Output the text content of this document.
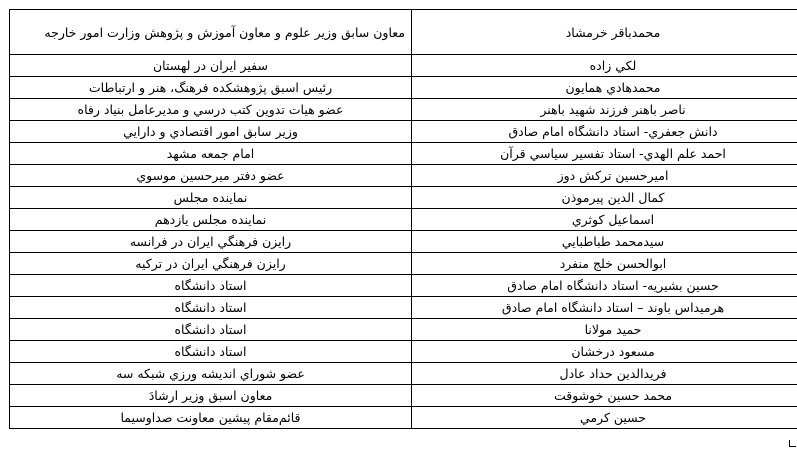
محمدباقر خرمشاد	معاون سابق وزير علوم و معاون آموزش و پژوهش وزارت امور خارجه
لكي زاده	سفير ايران در لهستان
محمدهادي همايون	رئيس اسبق پژوهشكده فرهنگ، هنر و ارتباطات
ناصر باهنر فرزند شهيد باهنر	عضو هيات تدوين كتب درسي و مديرعامل بنياد رفاه
دانش جعفري- استاد دانشگاه امام صادق	وزير سابق امور اقتصادي و دارايي
احمد علم الهدي- استاد تفسير سياسي قرآن	امام جمعه مشهد
اميرحسين تركش دوز	عضو دفتر ميرحسين موسوي
كمال الدين پيرموذن	نماينده مجلس
اسماعيل كوثري	نماينده مجلس يازدهم
سيدمحمد طباطبايي	رايزن فرهنگي ايران در فرانسه
ابوالحسن خلج منفرد	رايزن فرهنگي ايران در تركيه
حسين بشيريه- استاد دانشگاه امام صادق	استاد دانشگاه
هرميداس باوند – استاد دانشگاه امام صادق	استاد دانشگاه
حميد مولانا	استاد دانشگاه
مسعود درخشان	استاد دانشگاه
فريدالدين حداد عادل	عضو شوراي انديشه ورزي شبكه سه
محمد حسين خوشوقت	معاون اسبق وزير ارشادَ
حسين كرمي	قائم‌مقام پيشين معاونت صداوسيما
